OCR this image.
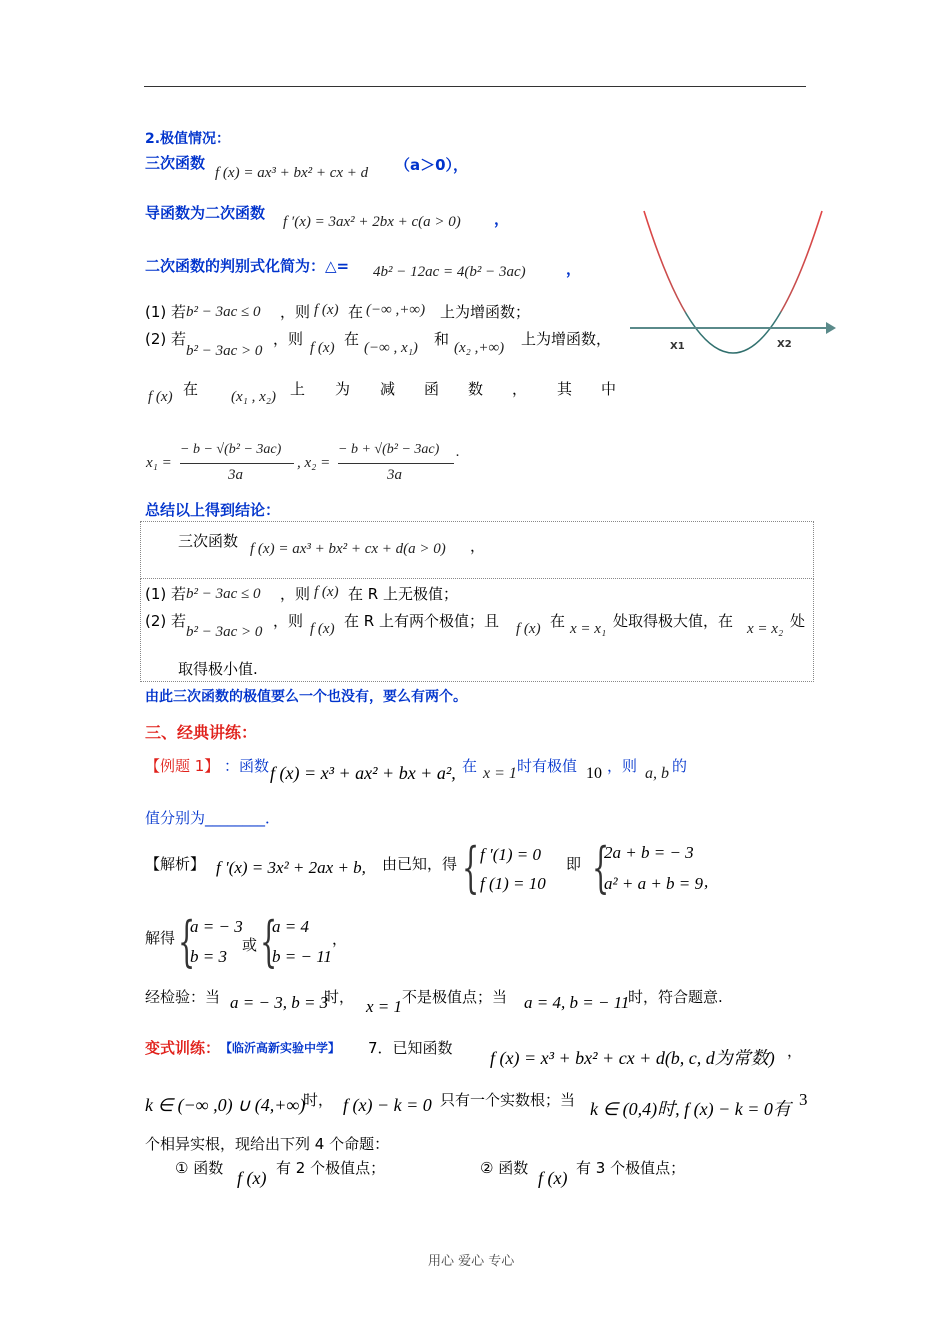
2.极值情况：
三次函数
f (x) = ax³ + bx² + cx + d （a＞0），
导函数为二次函数 f ′(x) = 3ax² + 2bx + c(a > 0) ，
二次函数的判别式化简为：△= 4b² − 12ac = 4(b² − 3ac)	，
(1) 若 b² − 3ac ≤ 0 ，则 f (x) 在 (−∞ ,+∞) 上为增函数；
(2) 若
b² − 3ac > 0
，则 f (x) 在 (−∞ , x₁) 和 (x₂ ,+∞) 上为增函数，
f (x) 在 (x₁ , x₂) 上 为 减 函 数 ， 其 中
x₁ =
− b − √(b² − 3ac)
3a
, x₂ =
− b + √(b² − 3ac)
3a
.
X1	X2
总结以上得到结论：
三次函数 f (x) = ax³ + bx² + cx + d(a > 0) ，
(1) 若 b² − 3ac ≤ 0 ，则 f (x) 在 R 上无极值；
(2) 若
b² − 3ac > 0
，则 f (x) 在 R 上有两个极值；且 f (x) 在 x = x₁ 处取得极大值，在 x = x₂ 处
取得极小值.
由此三次函数的极值要么一个也没有，要么有两个。
三、经典讲练：
【例题 1】 ：函数 f (x) = x³ + ax² + bx + a², 在 x = 1 时有极值 10 ，则 a, b 的
值分别为________．
【解析】 f ′(x) = 3x² + 2ax + b, 由已知，得 { f ′(1) = 0
f (1) = 10
即 {
2a + b = − 3
a² + a + b = 9 ,
解得 {
a = − 3
b = 3
或 {
a = 4
b = − 11
，
经检验：当 a = − 3, b = 3
时， x = 1 不是极值点；当 a = 4, b = − 11
时，符合题意.
变式训练： 【临沂高新实验中学】 7．已知函数 f (x) = x³ + bx² + cx + d(b, c, d为常数) ，
k ∈ (−∞ ,0) ∪ (4,+∞)
时， f (x) − k = 0 只有一个实数根；当 k ∈ (0,4)时, f (x) − k = 0有 3
个相异实根，现给出下列 4 个命题：
① 函数 f (x) 有 2 个极值点；	② 函数 f (x) 有 3 个极值点；
用心 爱心 专心
